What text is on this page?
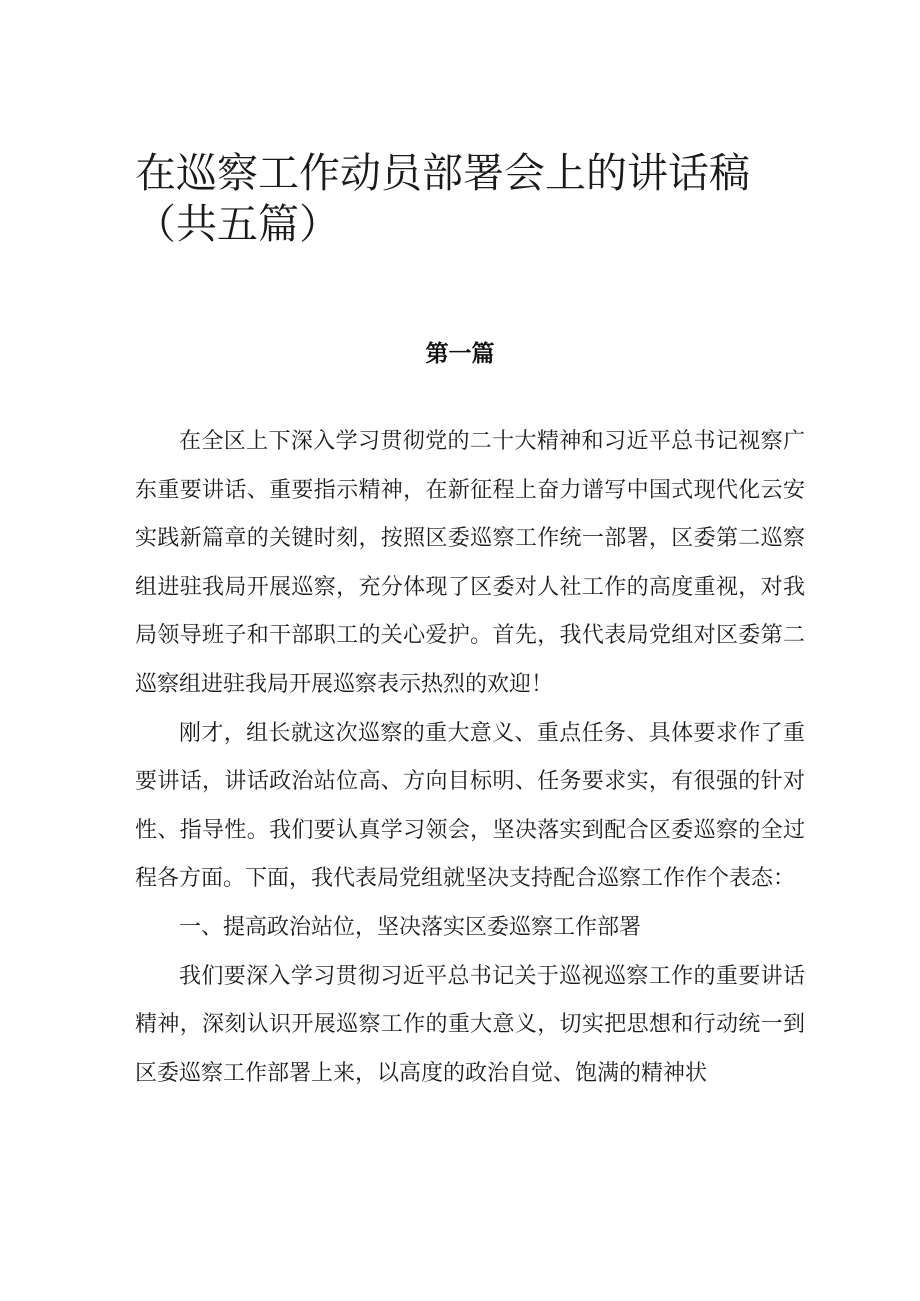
在巡察工作动员部署会上的讲话稿（共五篇）
第一篇

在全区上下深入学习贯彻党的二十大精神和习近平总书记视察广东重要讲话、重要指示精神，在新征程上奋力谱写中国式现代化云安实践新篇章的关键时刻，按照区委巡察工作统一部署，区委第二巡察组进驻我局开展巡察，充分体现了区委对人社工作的高度重视，对我局领导班子和干部职工的关心爱护。首先，我代表局党组对区委第二巡察组进驻我局开展巡察表示热烈的欢迎！

刚才，组长就这次巡察的重大意义、重点任务、具体要求作了重要讲话，讲话政治站位高、方向目标明、任务要求实，有很强的针对性、指导性。我们要认真学习领会，坚决落实到配合区委巡察的全过程各方面。下面，我代表局党组就坚决支持配合巡察工作作个表态：

一、提高政治站位，坚决落实区委巡察工作部署

我们要深入学习贯彻习近平总书记关于巡视巡察工作的重要讲话精神，深刻认识开展巡察工作的重大意义，切实把思想和行动统一到区委巡察工作部署上来，以高度的政治自觉、饱满的精神状
